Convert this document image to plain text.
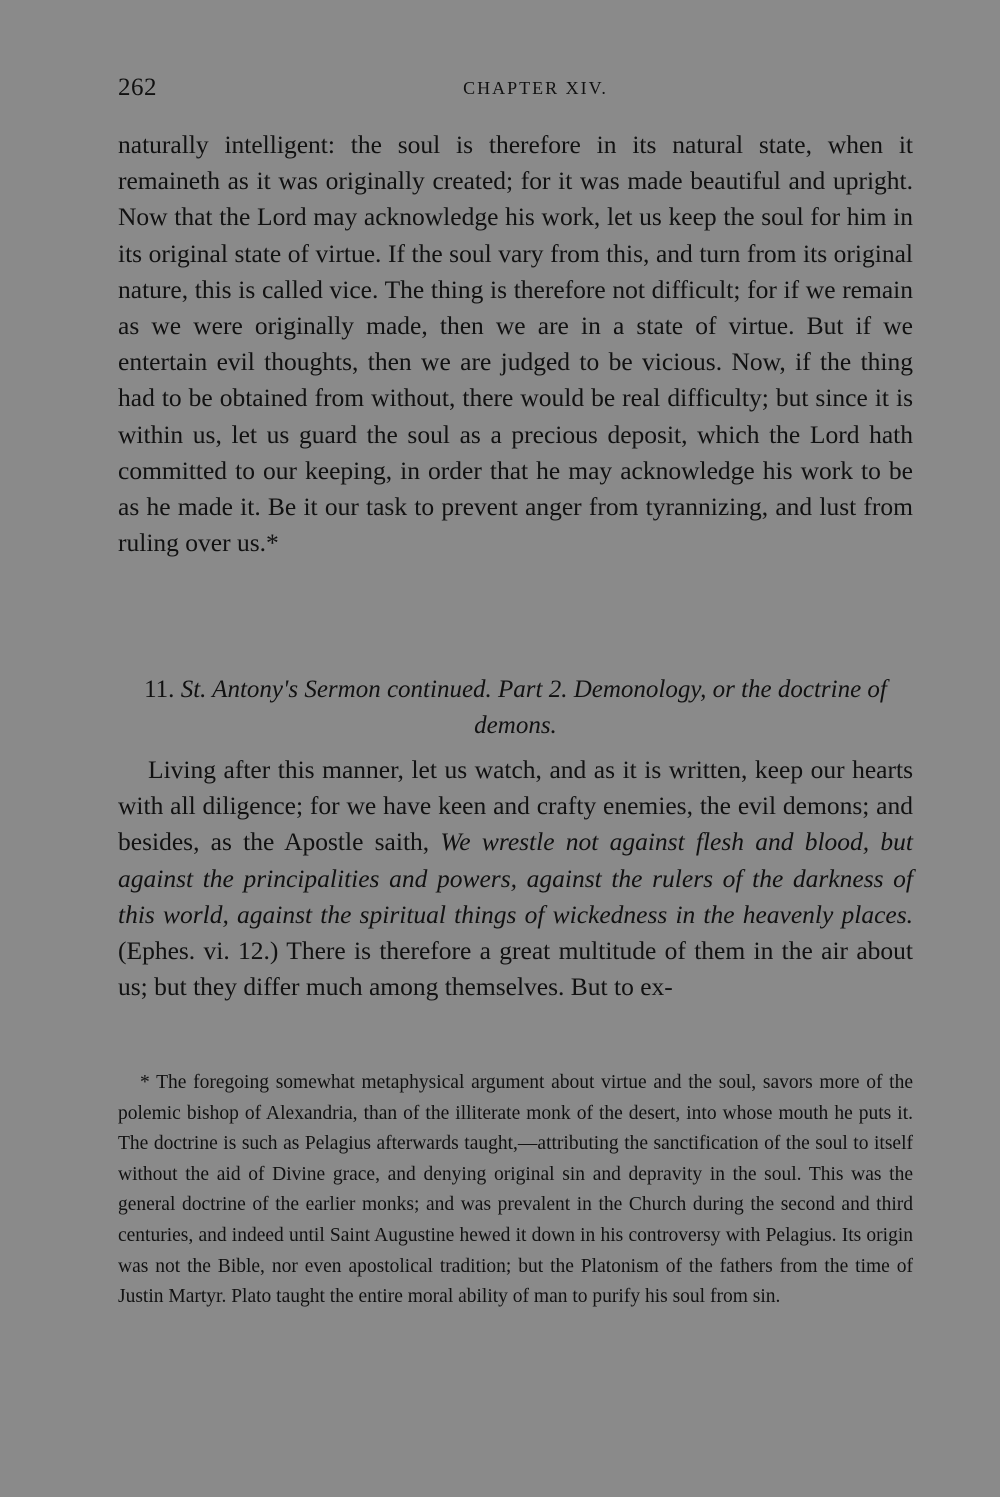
262	CHAPTER XIV.

naturally intelligent: the soul is therefore in its natural state, when it remaineth as it was originally created; for it was made beautiful and upright. Now that the Lord may acknowledge his work, let us keep the soul for him in its original state of virtue. If the soul vary from this, and turn from its original nature, this is called vice. The thing is therefore not difficult; for if we remain as we were originally made, then we are in a state of virtue. But if we entertain evil thoughts, then we are judged to be vicious. Now, if the thing had to be obtained from without, there would be real difficulty; but since it is within us, let us guard the soul as a precious deposit, which the Lord hath committed to our keeping, in order that he may acknowledge his work to be as he made it. Be it our task to prevent anger from tyrannizing, and lust from ruling over us.*

11. St. Antony's Sermon continued. Part 2. Demonology, or the doctrine of demons.

Living after this manner, let us watch, and as it is written, keep our hearts with all diligence; for we have keen and crafty enemies, the evil demons; and besides, as the Apostle saith, We wrestle not against flesh and blood, but against the principalities and powers, against the rulers of the darkness of this world, against the spiritual things of wickedness in the heavenly places. (Ephes. vi. 12.) There is therefore a great multitude of them in the air about us; but they differ much among themselves. But to ex-

* The foregoing somewhat metaphysical argument about virtue and the soul, savors more of the polemic bishop of Alexandria, than of the illiterate monk of the desert, into whose mouth he puts it. The doctrine is such as Pelagius afterwards taught,—attributing the sanctification of the soul to itself without the aid of Divine grace, and denying original sin and depravity in the soul. This was the general doctrine of the earlier monks; and was prevalent in the Church during the second and third centuries, and indeed until Saint Augustine hewed it down in his controversy with Pelagius. Its origin was not the Bible, nor even apostolical tradition; but the Platonism of the fathers from the time of Justin Martyr. Plato taught the entire moral ability of man to purify his soul from sin.
